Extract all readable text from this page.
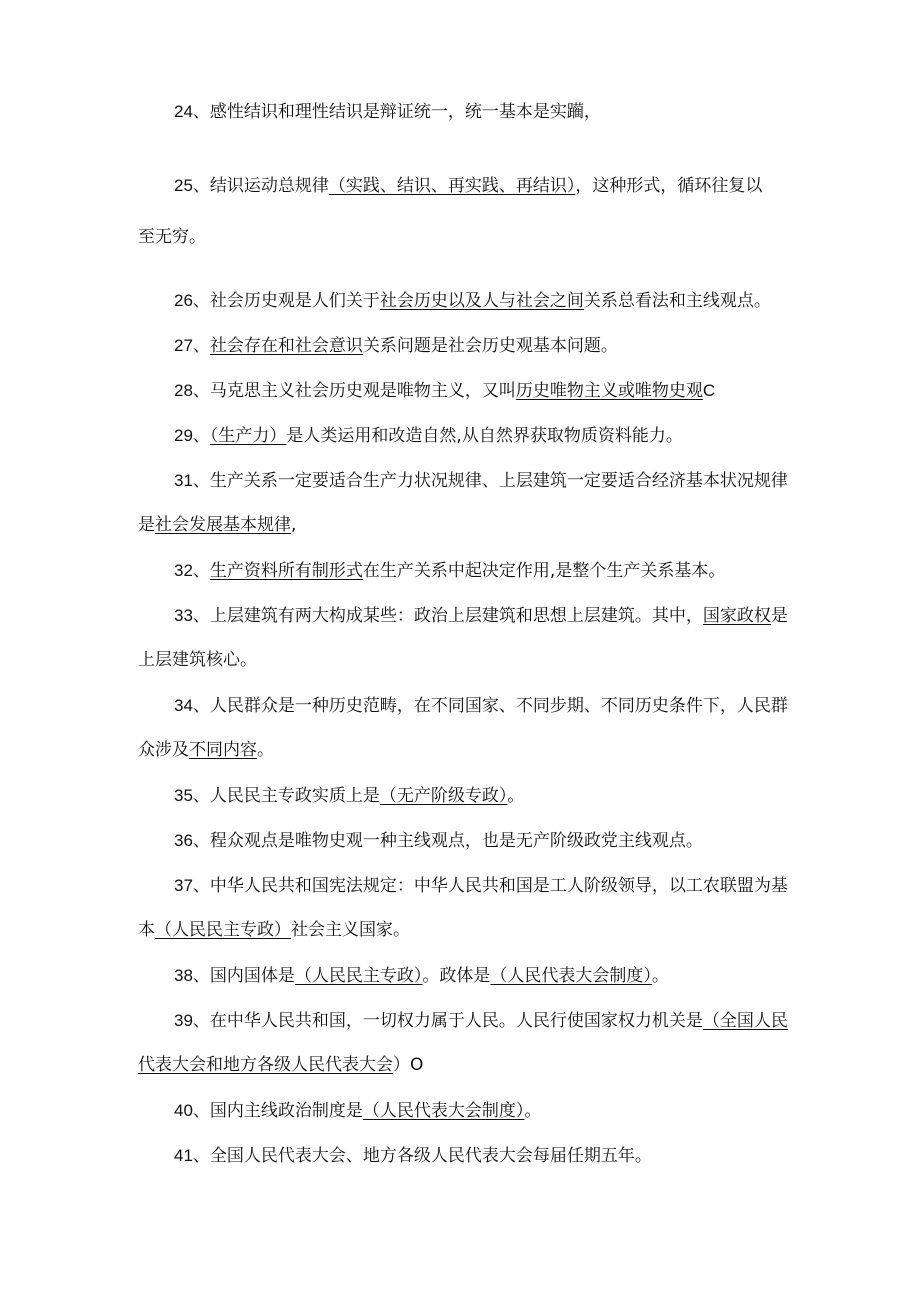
24、感性结识和理性结识是辩证统一，统一基本是实躏，
25、结识运动总规律（实践、结识、再实践、再结识），这种形式，循环往复以
至无穷。
26、社会历史观是人们关于社会历史以及人与社会之间关系总看法和主线观点。
27、社会存在和社会意识关系问题是社会历史观基本问题。
28、马克思主义社会历史观是唯物主义，又叫历史唯物主义或唯物史观C
29、（生产力）是人类运用和改造自然,从自然界获取物质资料能力。
31、生产关系一定要适合生产力状况规律、上层建筑一定要适合经济基本状况规律
是社会发展基本规律,
32、生产资料所有制形式在生产关系中起决定作用,是整个生产关系基本。
33、上层建筑有两大构成某些：政治上层建筑和思想上层建筑。其中，国家政权是
上层建筑核心。
34、人民群众是一种历史范畴，在不同国家、不同步期、不同历史条件下，人民群
众涉及不同内容。
35、人民民主专政实质上是（无产阶级专政）。
36、程众观点是唯物史观一种主线观点，也是无产阶级政党主线观点。
37、中华人民共和国宪法规定：中华人民共和国是工人阶级领导，以工农联盟为基
本（人民民主专政）社会主义国家。
38、国内国体是（人民民主专政）。政体是（人民代表大会制度）。
39、在中华人民共和国，一切权力属于人民。人民行使国家权力机关是（全国人民
代表大会和地方各级人民代表大会）O
40、国内主线政治制度是（人民代表大会制度）。
41、全国人民代表大会、地方各级人民代表大会每届任期五年。
